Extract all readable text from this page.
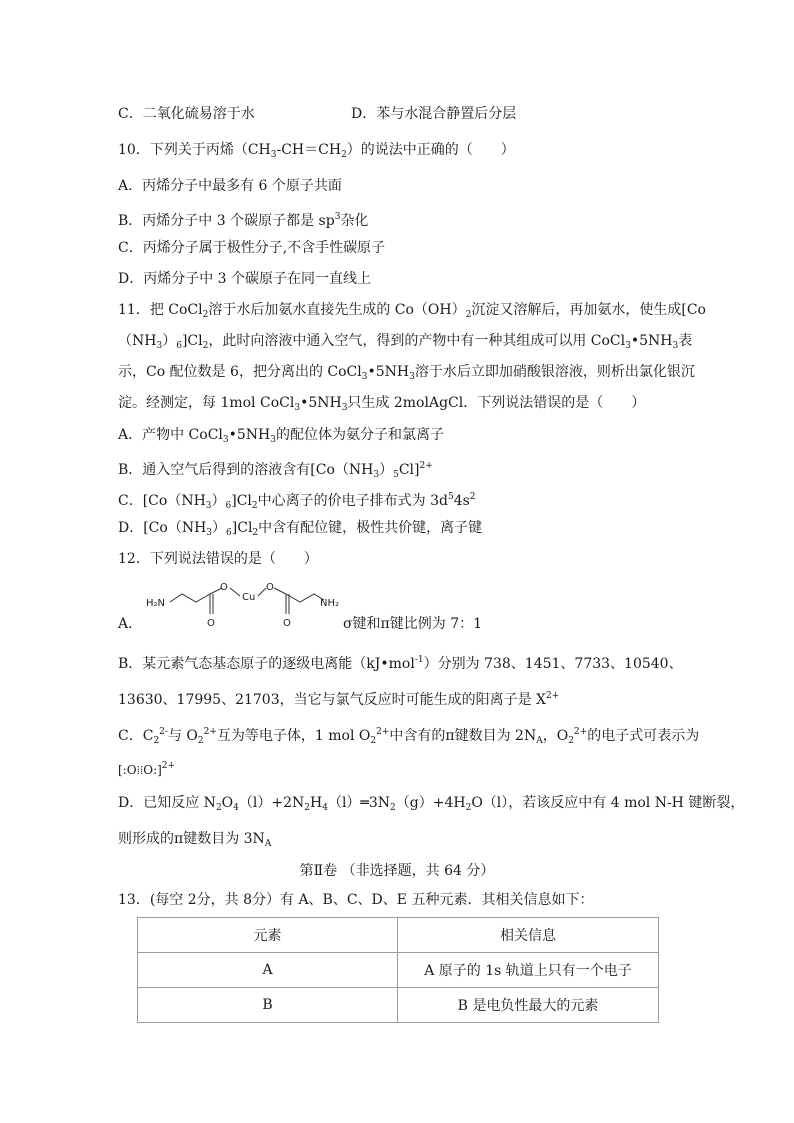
C．二氧化硫易溶于水	D．苯与水混合静置后分层
10．下列关于丙烯$(CH_3-CH=CH_2)$的说法中正确的（　　）
A．丙烯分子中最多有 6 个原子共面
B．丙烯分子中 3 个碳原子都是 $sp^3$杂化
C．丙烯分子属于极性分子,不含手性碳原子
D．丙烯分子中 3 个碳原子在同一直线上
11．把 CoCl$_2$溶于水后加氨水直接先生成的 $Co(OH)_2$沉淀又溶解后，再加氨水，使生成[Co
$(NH_3)_6]Cl_2$，此时向溶液中通入空气，得到的产物中有一种其组成可以用 $CoCl_3•5NH_3$表
示，Co 配位数是 6，把分离出的 $CoCl_3•5NH_3$溶于水后立即加硝酸银溶液，则析出氯化银沉
淀。经测定，每 1mol $CoCl_3•5NH_3$只生成 2molAgCl．下列说法错误的是（　　）
A．产物中 $CoCl_3•5NH_3$的配位体为氨分子和氯离子
B．通入空气后得到的溶液含有$[Co(NH_3)_5Cl]^{2+}$
C．$[Co(NH_3)_6]Cl_2$中心离子的价电子排布式为 $3d^54s^2$
D．$[Co(NH_3)_6]Cl_2$中含有配位键，极性共价键，离子键
12．下列说法错误的是（　　）
H₂N
O
Cu
O
O	O
NH₂
A．	σ键和π键比例为 7：1
B．某元素气态基态原子的逐级电离能（kJ•mol$^{-1}$）分别为 738、1451、7733、10540、
13630、17995、21703，当它与氯气反应时可能生成的阳离子是 $X^{2+}$
C．$C_2^{2-}$与 $O_2^{2+}$互为等电子体，1 mol $O_2^{2+}$中含有的π键数目为 $2N_A$，$O_2^{2+}$的电子式可表示为
[:O⁞⁞O:]$^{2+}$
D．已知反应 $N_2O_4(l)+2N_2H_4(l)═3N_2(g)+4H_2O(l)$，若该反应中有 4 mol N-H 键断裂，
则形成的π键数目为 $3N_A$
第Ⅱ卷 （非选择题，共 64 分）
13．(每空 2分，共 8分）有 A、B、C、D、E 五种元素．其相关信息如下：
元素	相关信息
A	A 原子的 1s 轨道上只有一个电子
B	B 是电负性最大的元素
